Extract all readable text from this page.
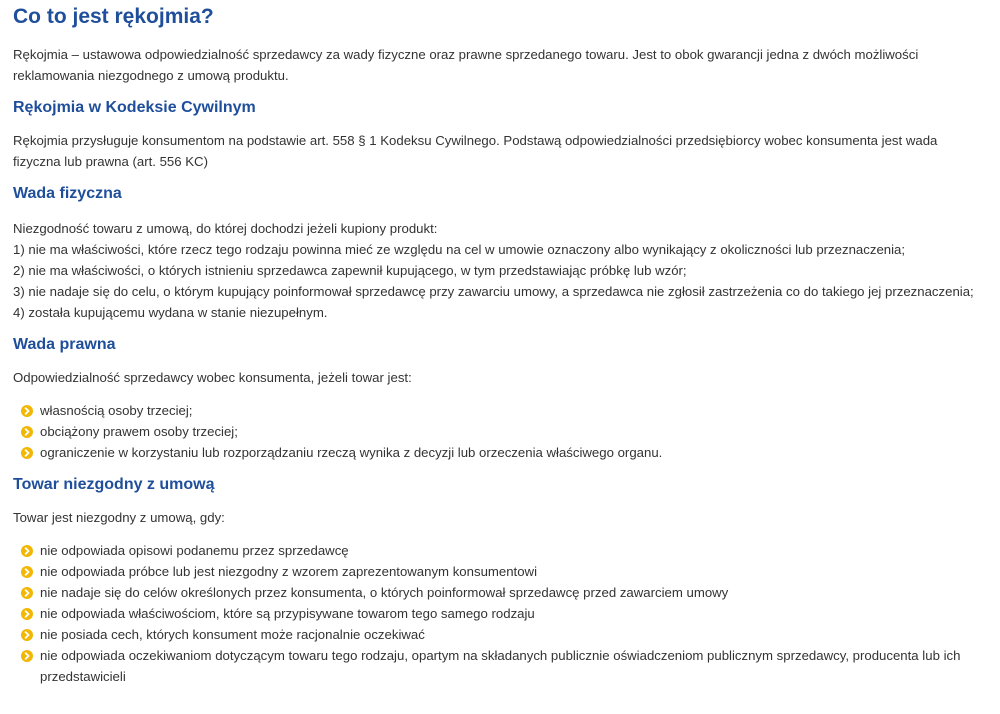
Co to jest rękojmia?

Rękojmia – ustawowa odpowiedzialność sprzedawcy za wady fizyczne oraz prawne sprzedanego towaru. Jest to obok gwarancji jedna z dwóch możliwości reklamowania niezgodnego z umową produktu.

Rękojmia w Kodeksie Cywilnym

Rękojmia przysługuje konsumentom na podstawie art. 558 § 1 Kodeksu Cywilnego. Podstawą odpowiedzialności przedsiębiorcy wobec konsumenta jest wada fizyczna lub prawna (art. 556 KC)

Wada fizyczna
Niezgodność towaru z umową, do której dochodzi jeżeli kupiony produkt:
1) nie ma właściwości, które rzecz tego rodzaju powinna mieć ze względu na cel w umowie oznaczony albo wynikający z okoliczności lub przeznaczenia;
2) nie ma właściwości, o których istnieniu sprzedawca zapewnił kupującego, w tym przedstawiając próbkę lub wzór;
3) nie nadaje się do celu, o którym kupujący poinformował sprzedawcę przy zawarciu umowy, a sprzedawca nie zgłosił zastrzeżenia co do takiego jej przeznaczenia;
4) została kupującemu wydana w stanie niezupełnym.
Wada prawna

Odpowiedzialność sprzedawcy wobec konsumenta, jeżeli towar jest:

własnością osoby trzeciej;
obciążony prawem osoby trzeciej;
ograniczenie w korzystaniu lub rozporządzaniu rzeczą wynika z decyzji lub orzeczenia właściwego organu.
Towar niezgodny z umową

Towar jest niezgodny z umową, gdy:

nie odpowiada opisowi podanemu przez sprzedawcę
nie odpowiada próbce lub jest niezgodny z wzorem zaprezentowanym konsumentowi
nie nadaje się do celów określonych przez konsumenta, o których poinformował sprzedawcę przed zawarciem umowy
nie odpowiada właściwościom, które są przypisywane towarom tego samego rodzaju
nie posiada cech, których konsument może racjonalnie oczekiwać
nie odpowiada oczekiwaniom dotyczącym towaru tego rodzaju, opartym na składanych publicznie oświadczeniom publicznym sprzedawcy, producenta lub ich przedstawicieli
